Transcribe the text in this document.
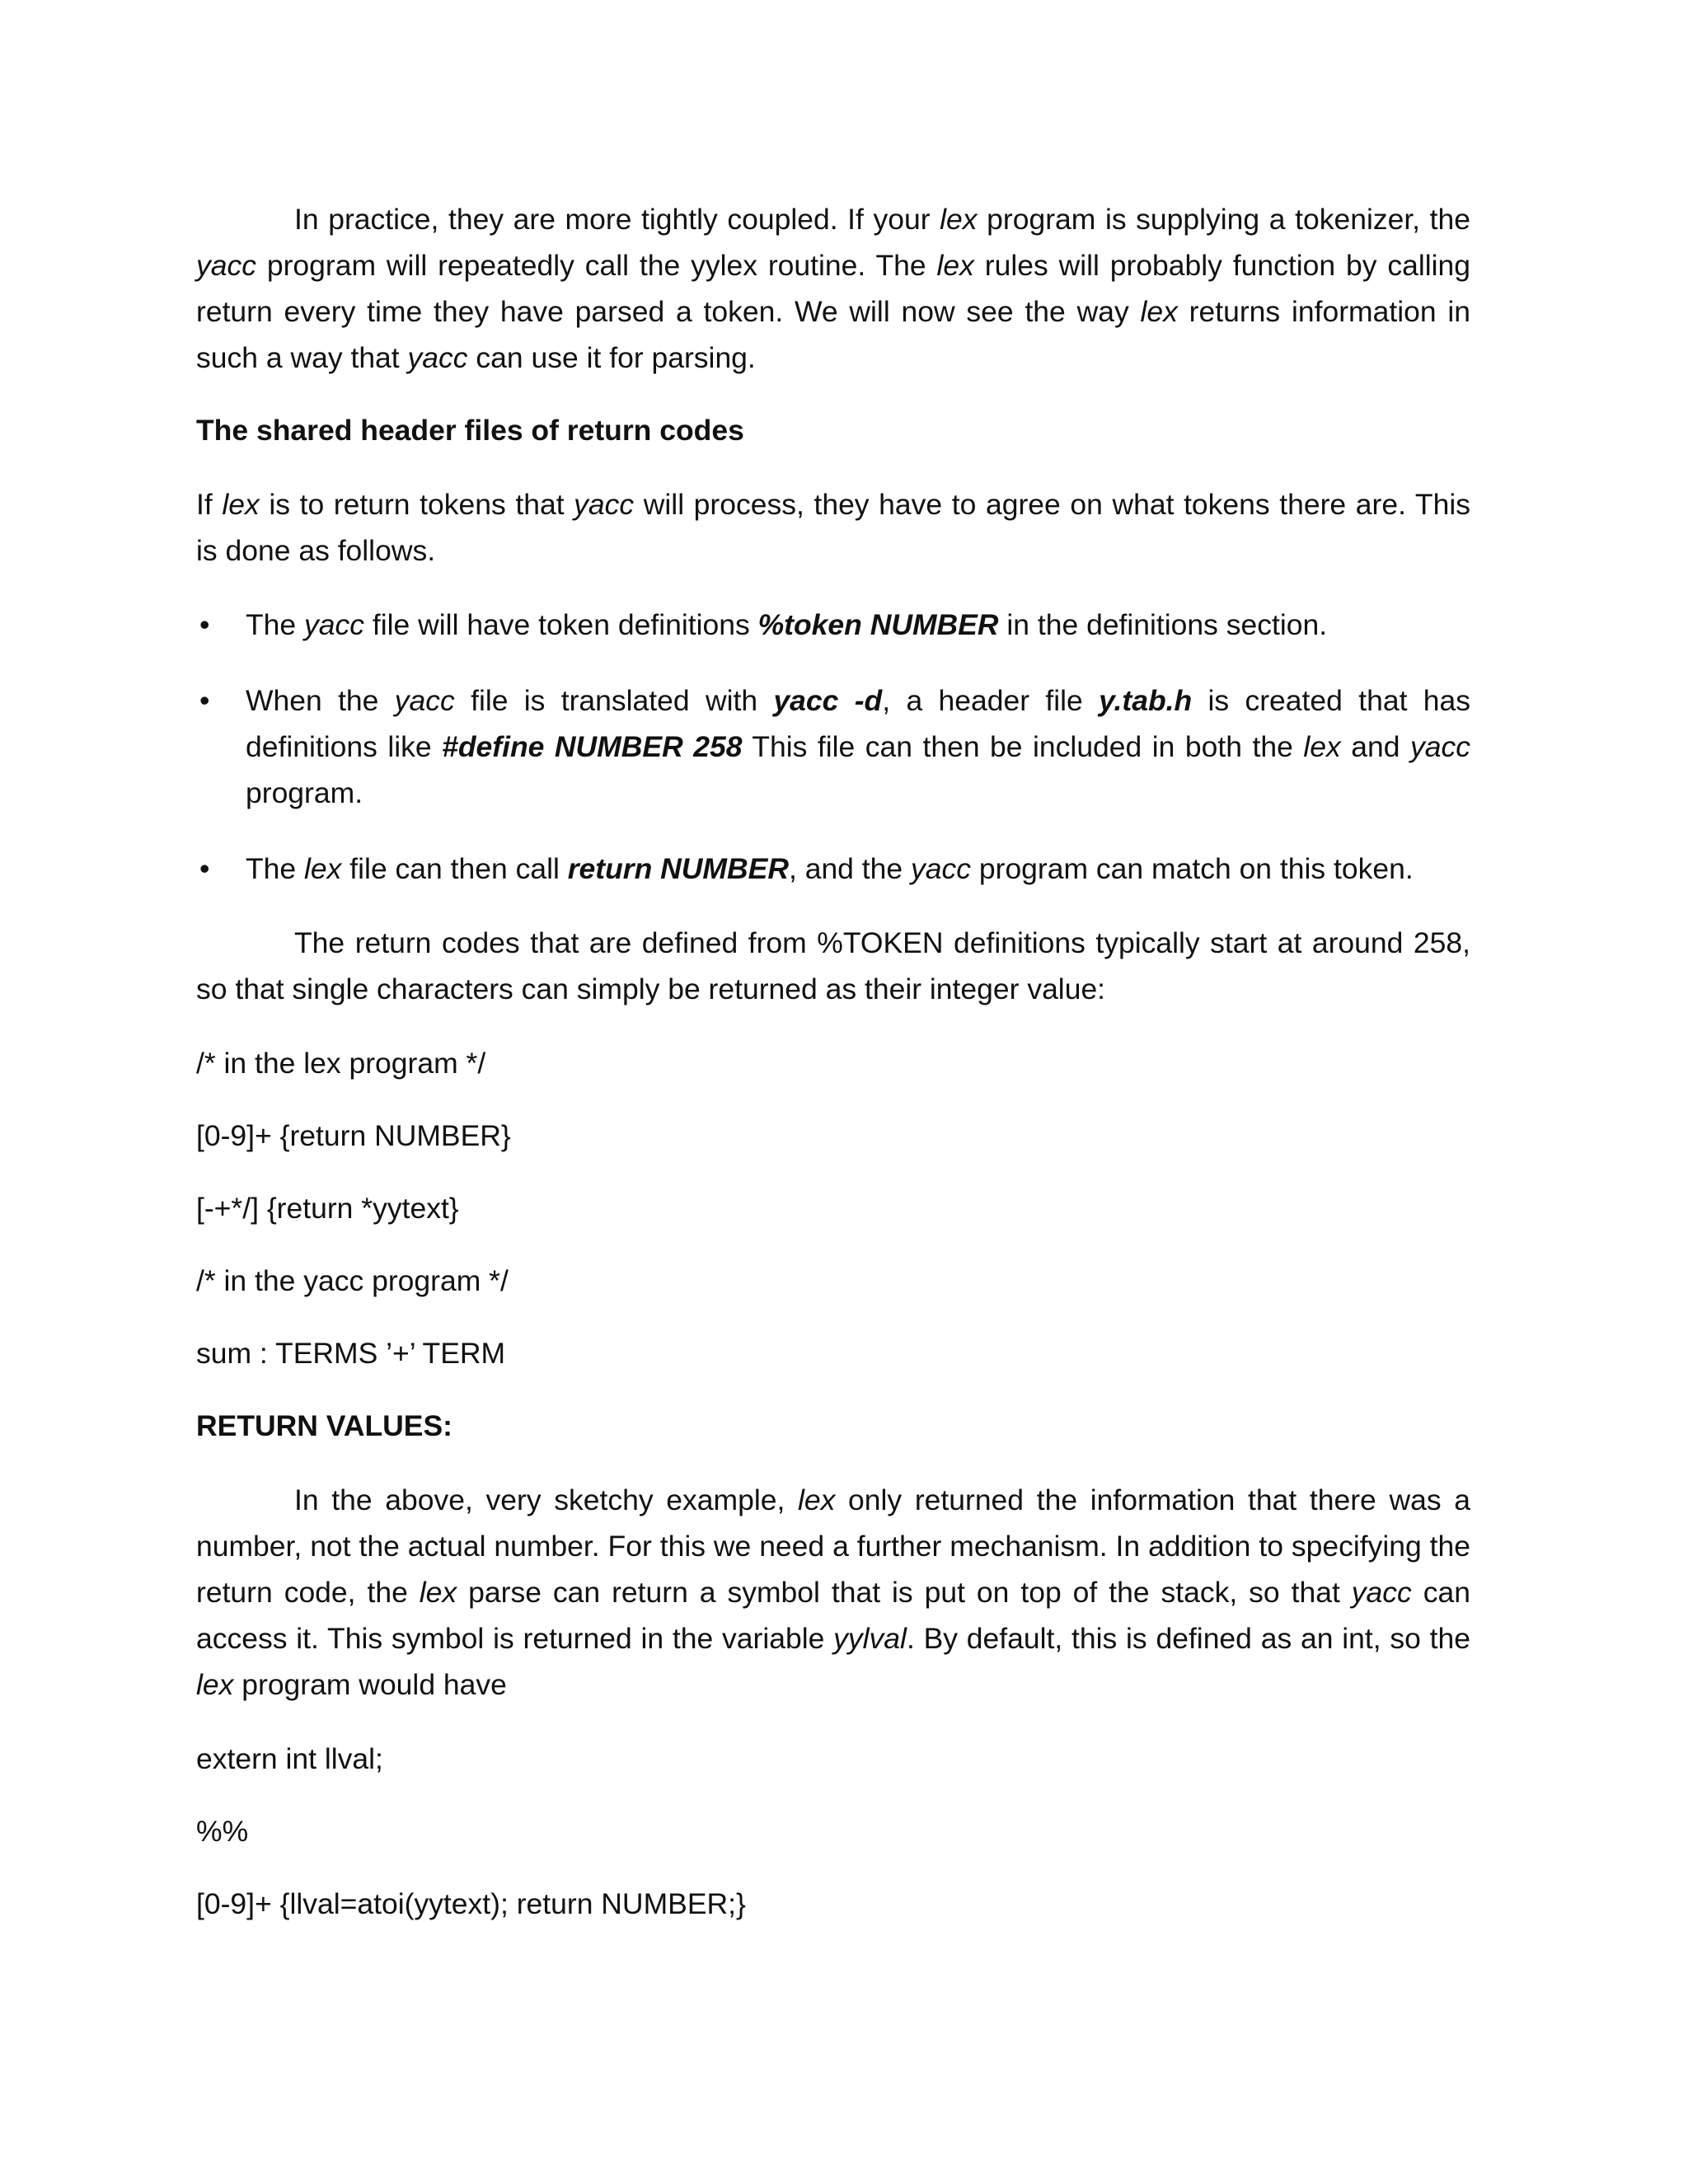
In practice, they are more tightly coupled. If your lex program is supplying a tokenizer, the yacc program will repeatedly call the yylex routine. The lex rules will probably function by calling return every time they have parsed a token. We will now see the way lex returns information in such a way that yacc can use it for parsing.

The shared header files of return codes

If lex is to return tokens that yacc will process, they have to agree on what tokens there are. This is done as follows.

• The yacc file will have token definitions %token NUMBER in the definitions section.
• When the yacc file is translated with yacc -d, a header file y.tab.h is created that has definitions like #define NUMBER 258 This file can then be included in both the lex and yacc program.
• The lex file can then call return NUMBER, and the yacc program can match on this token.

The return codes that are defined from %TOKEN definitions typically start at around 258, so that single characters can simply be returned as their integer value:

/* in the lex program */

[0-9]+ {return NUMBER}

[-+*/] {return *yytext}

/* in the yacc program */

sum : TERMS ’+’ TERM

RETURN VALUES:

In the above, very sketchy example, lex only returned the information that there was a number, not the actual number. For this we need a further mechanism. In addition to specifying the return code, the lex parse can return a symbol that is put on top of the stack, so that yacc can access it. This symbol is returned in the variable yylval. By default, this is defined as an int, so the lex program would have

extern int llval;

%%

[0-9]+ {llval=atoi(yytext); return NUMBER;}
